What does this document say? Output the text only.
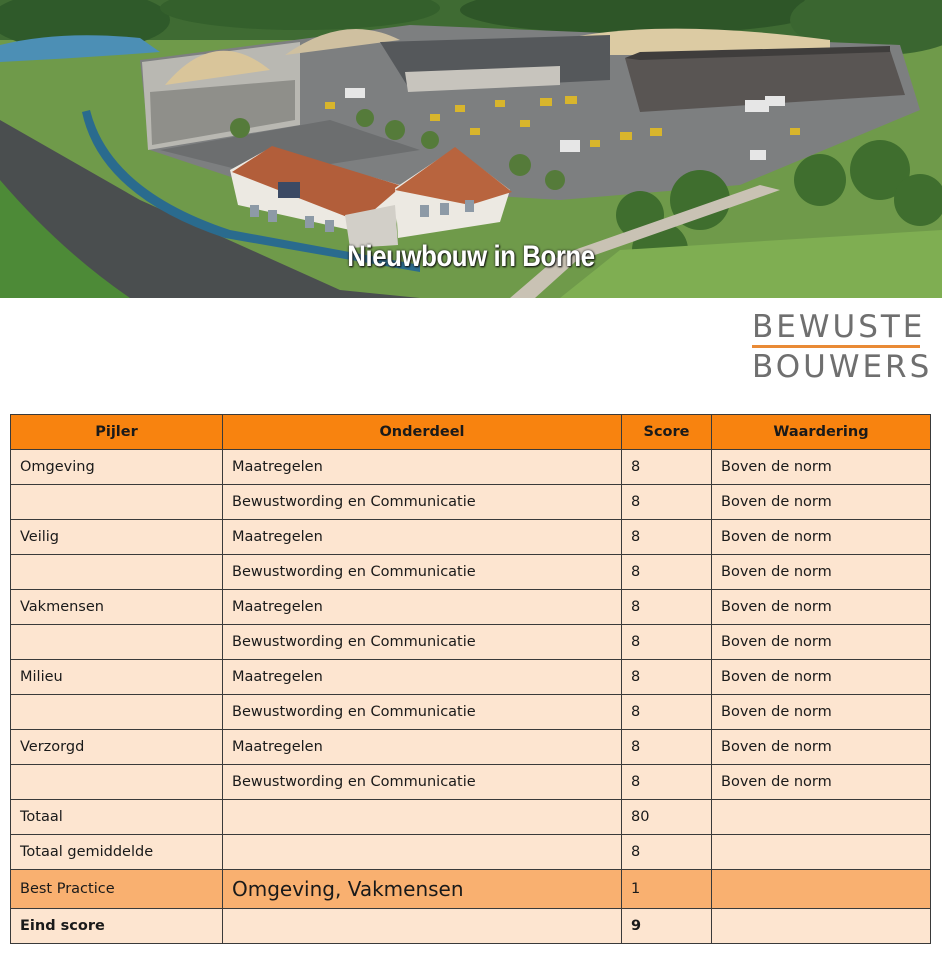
Nieuwbouw in Borne
BEWUSTE
BOUWERS
Pijler	Onderdeel	Score	Waardering
Omgeving	Maatregelen	8	Boven de norm
	Bewustwording en Communicatie	8	Boven de norm
Veilig	Maatregelen	8	Boven de norm
	Bewustwording en Communicatie	8	Boven de norm
Vakmensen	Maatregelen	8	Boven de norm
	Bewustwording en Communicatie	8	Boven de norm
Milieu	Maatregelen	8	Boven de norm
	Bewustwording en Communicatie	8	Boven de norm
Verzorgd	Maatregelen	8	Boven de norm
	Bewustwording en Communicatie	8	Boven de norm
Totaal		80	
Totaal gemiddelde		8	
Best Practice	Omgeving, Vakmensen	1	
Eind score		9	
